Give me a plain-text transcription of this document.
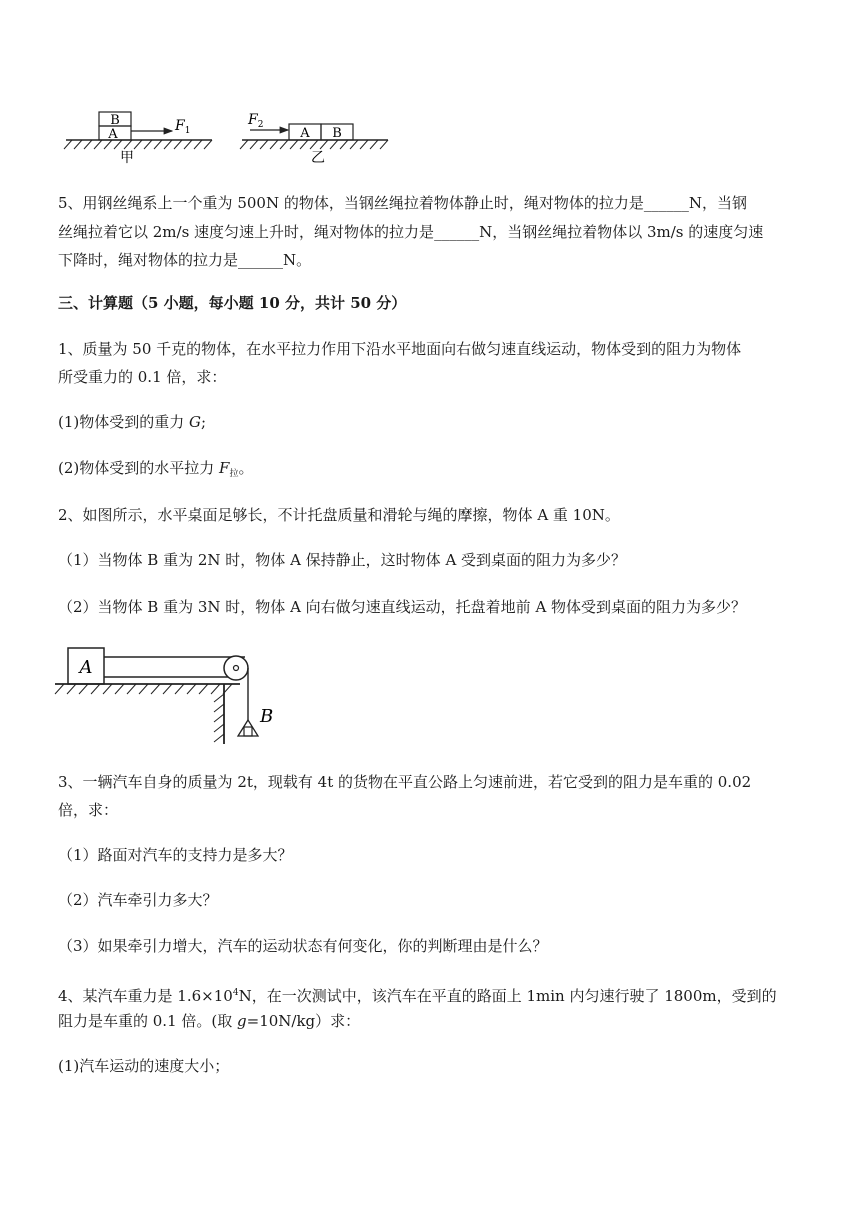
B
A
$F_1$
甲
$F_2$
A B
乙
5、用钢丝绳系上一个重为 500N 的物体，当钢丝绳拉着物体静止时，绳对物体的拉力是______N，当钢
丝绳拉着它以 2m/s 速度匀速上升时，绳对物体的拉力是______N，当钢丝绳拉着物体以 3m/s 的速度匀速
下降时，绳对物体的拉力是______N。
三、计算题（5 小题，每小题 10 分，共计 50 分）
1、质量为 50 千克的物体，在水平拉力作用下沿水平地面向右做匀速直线运动，物体受到的阻力为物体
所受重力的 0.1 倍，求：
(1)物体受到的重力 G;
(2)物体受到的水平拉力 $F_拉$。
2、如图所示，水平桌面足够长，不计托盘质量和滑轮与绳的摩擦，物体 A 重 10N。
（1）当物体 B 重为 2N 时，物体 A 保持静止，这时物体 A 受到桌面的阻力为多少？
（2）当物体 B 重为 3N 时，物体 A 向右做匀速直线运动，托盘着地前 A 物体受到桌面的阻力为多少？
A
B
3、一辆汽车自身的质量为 2t，现载有 4t 的货物在平直公路上匀速前进，若它受到的阻力是车重的 0.02
倍，求：
（1）路面对汽车的支持力是多大？
（2）汽车牵引力多大？
（3）如果牵引力增大，汽车的运动状态有何变化，你的判断理由是什么？
4、某汽车重力是 $1.6\times 10^4N$，在一次测试中，该汽车在平直的路面上 1min 内匀速行驶了 1800m，受到的
阻力是车重的 0.1 倍。(取 g=10N/kg）求：
(1)汽车运动的速度大小；
